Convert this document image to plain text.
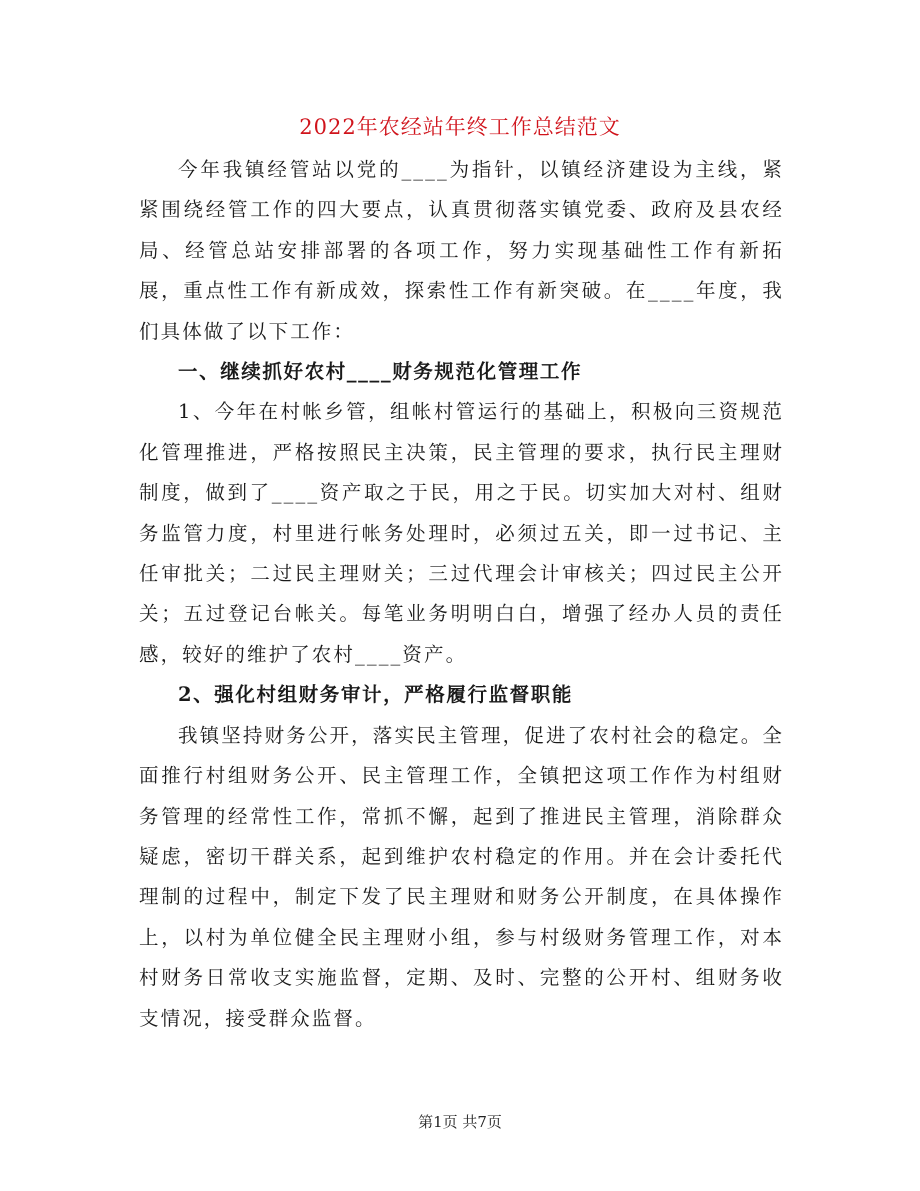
2022年农经站年终工作总结范文

今年我镇经管站以党的____为指针，以镇经济建设为主线，紧紧围绕经管工作的四大要点，认真贯彻落实镇党委、政府及县农经局、经管总站安排部署的各项工作，努力实现基础性工作有新拓展，重点性工作有新成效，探索性工作有新突破。在____年度，我们具体做了以下工作：

一、继续抓好农村____财务规范化管理工作

1、今年在村帐乡管，组帐村管运行的基础上，积极向三资规范化管理推进，严格按照民主决策，民主管理的要求，执行民主理财制度，做到了____资产取之于民，用之于民。切实加大对村、组财务监管力度，村里进行帐务处理时，必须过五关，即一过书记、主任审批关；二过民主理财关；三过代理会计审核关；四过民主公开关；五过登记台帐关。每笔业务明明白白，增强了经办人员的责任感，较好的维护了农村____资产。

2、强化村组财务审计，严格履行监督职能

我镇坚持财务公开，落实民主管理，促进了农村社会的稳定。全面推行村组财务公开、民主管理工作，全镇把这项工作作为村组财务管理的经常性工作，常抓不懈，起到了推进民主管理，消除群众疑虑，密切干群关系，起到维护农村稳定的作用。并在会计委托代理制的过程中，制定下发了民主理财和财务公开制度，在具体操作上，以村为单位健全民主理财小组，参与村级财务管理工作，对本村财务日常收支实施监督，定期、及时、完整的公开村、组财务收支情况，接受群众监督。

第1页 共7页
